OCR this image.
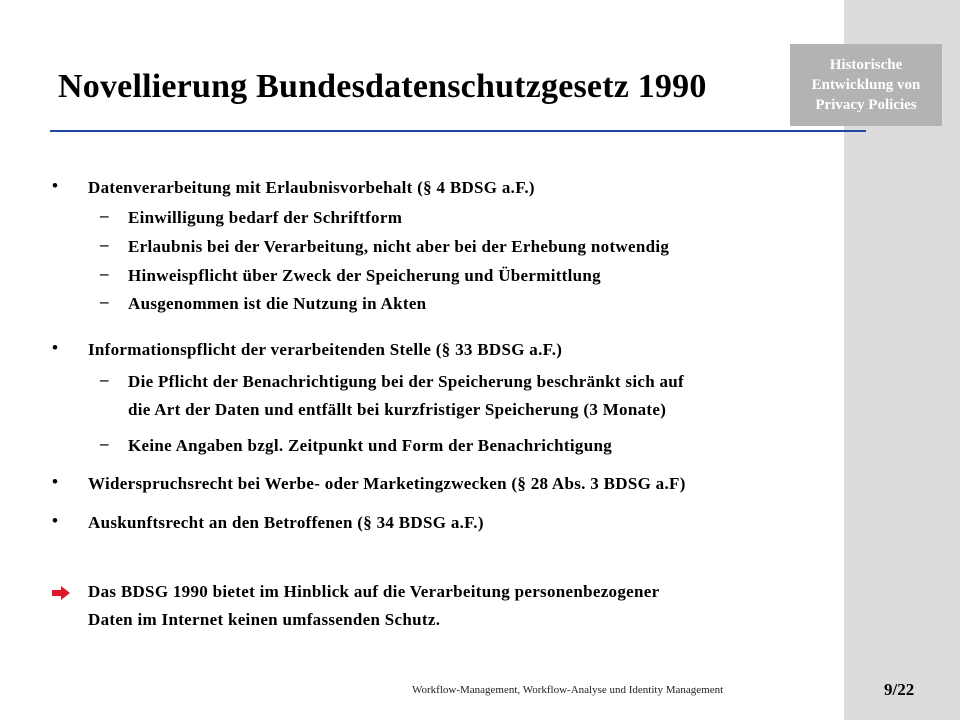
Historische Entwicklung von Privacy Policies
Novellierung Bundesdatenschutzgesetz 1990
• Datenverarbeitung mit Erlaubnisvorbehalt (§ 4 BDSG a.F.)
– Einwilligung bedarf der Schriftform
– Erlaubnis bei der Verarbeitung, nicht aber bei der Erhebung notwendig
– Hinweispflicht über Zweck der Speicherung und Übermittlung
– Ausgenommen ist die Nutzung in Akten
• Informationspflicht der verarbeitenden Stelle (§ 33 BDSG a.F.)
– Die Pflicht der Benachrichtigung bei der Speicherung beschränkt sich auf
die Art der Daten und entfällt bei kurzfristiger Speicherung (3 Monate)
– Keine Angaben bzgl. Zeitpunkt und Form der Benachrichtigung
• Widerspruchsrecht bei Werbe- oder Marketingzwecken (§ 28 Abs. 3 BDSG a.F)
• Auskunftsrecht an den Betroffenen (§ 34 BDSG a.F.)
Das BDSG 1990 bietet im Hinblick auf die Verarbeitung personenbezogener
Daten im Internet keinen umfassenden Schutz.
Workflow-Management, Workflow-Analyse und Identity Management	9/22
